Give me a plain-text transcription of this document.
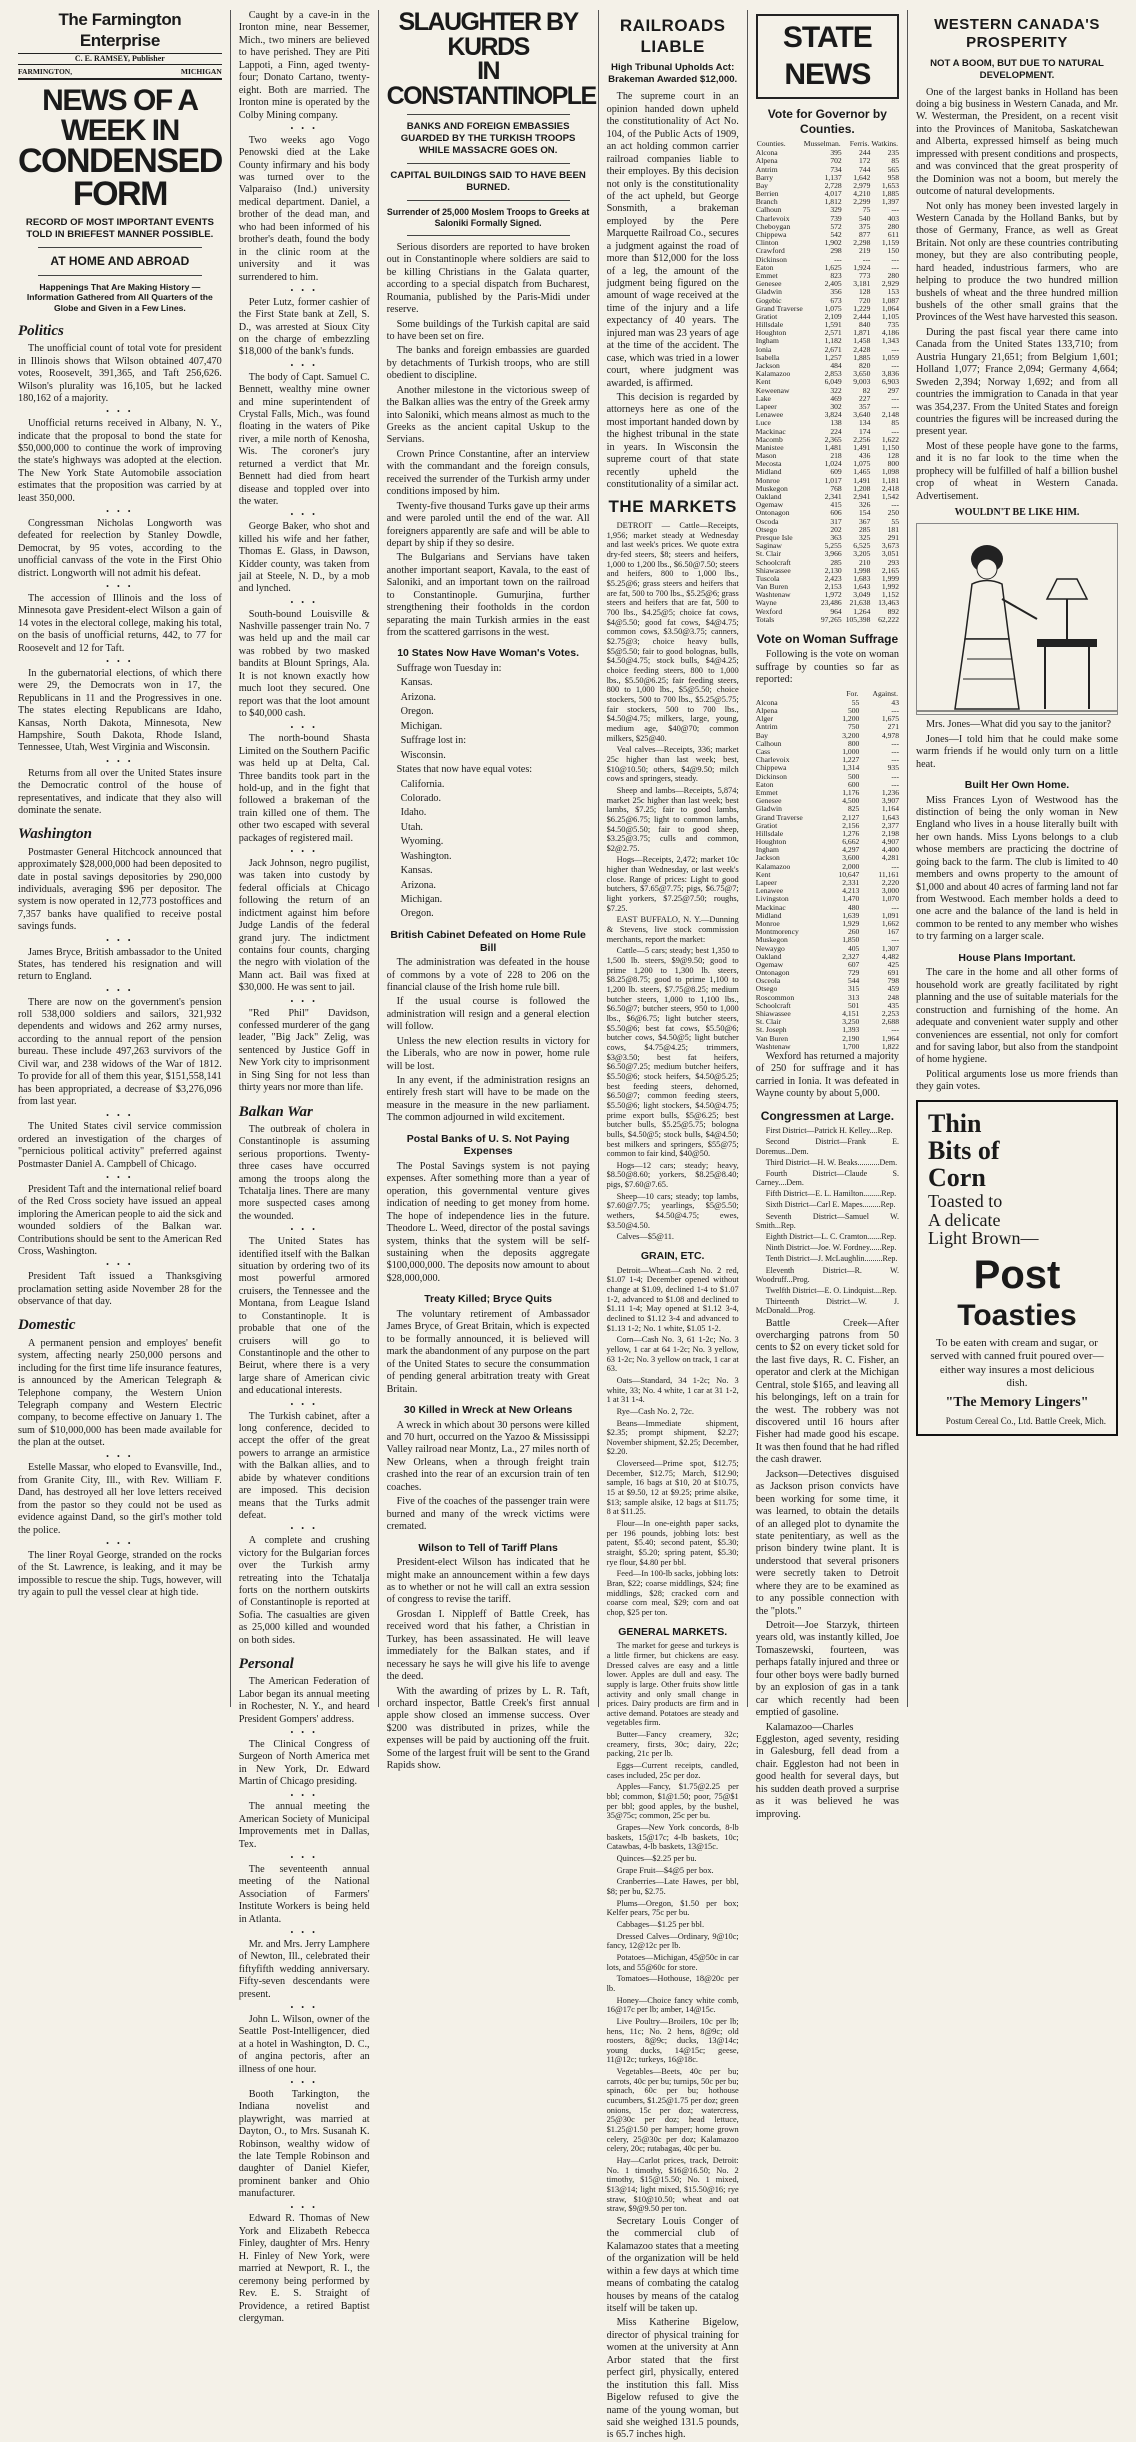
The Farmington Enterprise
C. E. RAMSEY, Publisher
FARMINGTON,	MICHIGAN
NEWS OF A WEEK IN
CONDENSED FORM
RECORD OF MOST IMPORTANT EVENTS TOLD IN BRIEFEST MANNER POSSIBLE.
AT HOME AND ABROAD
Happenings That Are Making History —Information Gathered from All Quarters of the Globe and Given in a Few Lines.
Politics

The unofficial count of total vote for president in Illinois shows that Wilson obtained 407,470 votes, Roosevelt, 391,365, and Taft 256,626. Wilson's plurality was 16,105, but he lacked 180,162 of a majority.

• • •

Unofficial returns received in Albany, N. Y., indicate that the proposal to bond the state for $50,000,000 to continue the work of improving the state's highways was adopted at the election. The New York State Automobile association estimates that the proposition was carried by at least 350,000.

• • •

Congressman Nicholas Longworth was defeated for reelection by Stanley Dowdle, Democrat, by 95 votes, according to the unofficial canvass of the vote in the First Ohio district. Longworth will not admit his defeat.

• • •

The accession of Illinois and the loss of Minnesota gave President-elect Wilson a gain of 14 votes in the electoral college, making his total, on the basis of unofficial returns, 442, to 77 for Roosevelt and 12 for Taft.

• • •

In the gubernatorial elections, of which there were 29, the Democrats won in 17, the Republicans in 11 and the Progressives in one. The states electing Republicans are Idaho, Kansas, North Dakota, Minnesota, New Hampshire, South Dakota, Rhode Island, Tennessee, Utah, West Virginia and Wisconsin.

• • •

Returns from all over the United States insure the Democratic control of the house of representatives, and indicate that they also will dominate the senate.

Washington

Postmaster General Hitchcock announced that approximately $28,000,000 had been deposited to date in postal savings depositories by 290,000 individuals, averaging $96 per depositor. The system is now operated in 12,773 postoffices and 7,357 banks have qualified to receive postal savings funds.

• • •

James Bryce, British ambassador to the United States, has tendered his resignation and will return to England.

• • •

There are now on the government's pension roll 538,000 soldiers and sailors, 321,932 dependents and widows and 262 army nurses, according to the annual report of the pension bureau. These include 497,263 survivors of the Civil war, and 238 widows of the War of 1812. To provide for all of them this year, $151,558,141 has been appropriated, a decrease of $3,276,096 from last year.

• • •

The United States civil service commission ordered an investigation of the charges of "pernicious political activity" preferred against Postmaster Daniel A. Campbell of Chicago.

• • •

President Taft and the international relief board of the Red Cross society have issued an appeal imploring the American people to aid the sick and wounded soldiers of the Balkan war. Contributions should be sent to the American Red Cross, Washington.

• • •

President Taft issued a Thanksgiving proclamation setting aside November 28 for the observance of that day.

Domestic

A permanent pension and employes' benefit system, affecting nearly 250,000 persons and including for the first time life insurance features, is announced by the American Telegraph & Telephone company, the Western Union Telegraph company and Western Electric company, to become effective on January 1. The sum of $10,000,000 has been made available for the plan at the outset.

• • •

Estelle Massar, who eloped to Evansville, Ind., from Granite City, Ill., with Rev. William F. Dand, has destroyed all her love letters received from the pastor so they could not be used as evidence against Dand, so the girl's mother told the police.

• • •

The liner Royal George, stranded on the rocks of the St. Lawrence, is leaking, and it may be impossible to rescue the ship. Tugs, however, will try again to pull the vessel clear at high tide.

Caught by a cave-in in the Ironton mine, near Bessemer, Mich., two miners are believed to have perished. They are Piti Lappoti, a Finn, aged twenty-four; Donato Cartano, twenty-eight. Both are married. The Ironton mine is operated by the Colby Mining company.

• • •

Two weeks ago Vogo Penowski died at the Lake County infirmary and his body was turned over to the Valparaiso (Ind.) university medical department. Daniel, a brother of the dead man, and who had been informed of his brother's death, found the body in the clinic room at the university and it was surrendered to him.

• • •

Peter Lutz, former cashier of the First State bank at Zell, S. D., was arrested at Sioux City on the charge of embezzling $18,000 of the bank's funds.

• • •

The body of Capt. Samuel C. Bennett, wealthy mine owner and mine superintendent of Crystal Falls, Mich., was found floating in the waters of Pike river, a mile north of Kenosha, Wis. The coroner's jury returned a verdict that Mr. Bennett had died from heart disease and toppled over into the water.

• • •

George Baker, who shot and killed his wife and her father, Thomas E. Glass, in Dawson, Kidder county, was taken from jail at Steele, N. D., by a mob and lynched.

• • •

South-bound Louisville & Nashville passenger train No. 7 was held up and the mail car was robbed by two masked bandits at Blount Springs, Ala. It is not known exactly how much loot they secured. One report was that the loot amount to $40,000 cash.

• • •

The north-bound Shasta Limited on the Southern Pacific was held up at Delta, Cal. Three bandits took part in the hold-up, and in the fight that followed a brakeman of the train killed one of them. The other two escaped with several packages of registered mail.

• • •

Jack Johnson, negro pugilist, was taken into custody by federal officials at Chicago following the return of an indictment against him before Judge Landis of the federal grand jury. The indictment contains four counts, charging the negro with violation of the Mann act. Bail was fixed at $30,000. He was sent to jail.

• • •

"Red Phil" Davidson, confessed murderer of the gang leader, "Big Jack" Zelig, was sentenced by Justice Goff in New York city to imprisonment in Sing Sing for not less than thirty years nor more than life.

Balkan War

The outbreak of cholera in Constantinople is assuming serious proportions. Twenty-three cases have occurred among the troops along the Tchatalja lines. There are many more suspected cases among the wounded.

• • •

The United States has identified itself with the Balkan situation by ordering two of its most powerful armored cruisers, the Tennessee and the Montana, from League Island to Constantinople. It is probable that one of the cruisers will go to Constantinople and the other to Beirut, where there is a very large share of American civic and educational interests.

• • •

The Turkish cabinet, after a long conference, decided to accept the offer of the great powers to arrange an armistice with the Balkan allies, and to abide by whatever conditions are imposed. This decision means that the Turks admit defeat.

• • •

A complete and crushing victory for the Bulgarian forces over the Turkish army retreating into the Tchatalja forts on the northern outskirts of Constantinople is reported at Sofia. The casualties are given as 25,000 killed and wounded on both sides.

Personal

The American Federation of Labor began its annual meeting in Rochester, N. Y., and heard President Gompers' address.

• • •

The Clinical Congress of Surgeon of North America met in New York, Dr. Edward Martin of Chicago presiding.

• • •

The annual meeting the American Society of Municipal Improvements met in Dallas, Tex.

• • •

The seventeenth annual meeting of the National Association of Farmers' Institute Workers is being held in Atlanta.

• • •

Mr. and Mrs. Jerry Lamphere of Newton, Ill., celebrated their fiftyfifth wedding anniversary. Fifty-seven descendants were present.

• • •

John L. Wilson, owner of the Seattle Post-Intelligencer, died at a hotel in Washington, D. C., of angina pectoris, after an illness of one hour.

• • •

Booth Tarkington, the Indiana novelist and playwright, was married at Dayton, O., to Mrs. Susanah K. Robinson, wealthy widow of the late Temple Robinson and daughter of Daniel Kiefer, prominent banker and Ohio manufacturer.

• • •

Edward R. Thomas of New York and Elizabeth Rebecca Finley, daughter of Mrs. Henry H. Finley of New York, were married at Newport, R. I., the ceremony being performed by Rev. E. S. Straight of Providence, a retired Baptist clergyman.

SLAUGHTER BY KURDS
IN CONSTANTINOPLE
BANKS AND FOREIGN EMBASSIES GUARDED BY THE TURKISH TROOPS WHILE MASSACRE GOES ON.
CAPITAL BUILDINGS SAID TO HAVE BEEN BURNED.
Surrender of 25,000 Moslem Troops to Greeks at Saloniki Formally Signed.

Serious disorders are reported to have broken out in Constantinople where soldiers are said to be killing Christians in the Galata quarter, according to a special dispatch from Bucharest, Roumania, published by the Paris-Midi under reserve.

Some buildings of the Turkish capital are said to have been set on fire.

The banks and foreign embassies are guarded by detachments of Turkish troops, who are still obedient to discipline.

Another milestone in the victorious sweep of the Balkan allies was the entry of the Greek army into Saloniki, which means almost as much to the Greeks as the ancient capital Uskup to the Servians.

Crown Prince Constantine, after an interview with the commandant and the foreign consuls, received the surrender of the Turkish army under conditions imposed by him.

Twenty-five thousand Turks gave up their arms and were paroled until the end of the war. All foreigners apparently are safe and will be able to depart by ship if they so desire.

The Bulgarians and Servians have taken another important seaport, Kavala, to the east of Saloniki, and an important town on the railroad to Constantinople. Gumurjina, further strengthening their footholds in the cordon separating the main Turkish armies in the east from the scattered garrisons in the west.

10 States Now Have Woman's Votes.

Suffrage won Tuesday in:

Kansas.

Arizona.

Oregon.

Michigan.

Suffrage lost in:

Wisconsin.

States that now have equal votes:

California.

Colorado.

Idaho.

Utah.

Wyoming.

Washington.

Kansas.

Arizona.

Michigan.

Oregon.

British Cabinet Defeated on Home Rule Bill

The administration was defeated in the house of commons by a vote of 228 to 206 on the financial clause of the Irish home rule bill.

If the usual course is followed the administration will resign and a general election will follow.

Unless the new election results in victory for the Liberals, who are now in power, home rule will be lost.

In any event, if the administration resigns an entirely fresh start will have to be made on the measure in the measure in the new parliament. The common adjourned in wild excitement.

Postal Banks of U. S. Not Paying Expenses

The Postal Savings system is not paying expenses. After something more than a year of operation, this governmental venture gives indication of needing to get money from home. The hope of independence lies in the future. Theodore L. Weed, director of the postal savings system, thinks that the system will be self-sustaining when the deposits aggregate $100,000,000. The deposits now amount to about $28,000,000.

Treaty Killed; Bryce Quits

The voluntary retirement of Ambassador James Bryce, of Great Britain, which is expected to be formally announced, it is believed will mark the abandonment of any purpose on the part of the United States to secure the consummation of pending general arbitration treaty with Great Britain.

30 Killed in Wreck at New Orleans

A wreck in which about 30 persons were killed and 70 hurt, occurred on the Yazoo & Mississippi Valley railroad near Montz, La., 27 miles north of New Orleans, when a through freight train crashed into the rear of an excursion train of ten coaches.

Five of the coaches of the passenger train were burned and many of the wreck victims were cremated.

Wilson to Tell of Tariff Plans

President-elect Wilson has indicated that he might make an announcement within a few days as to whether or not he will call an extra session of congress to revise the tariff.

Grosdan I. Nippleff of Battle Creek, has received word that his father, a Christian in Turkey, has been assassinated. He will leave immediately for the Balkan states, and if necessary he says he will give his life to avenge the deed.

With the awarding of prizes by L. R. Taft, orchard inspector, Battle Creek's first annual apple show closed an immense success. Over $200 was distributed in prizes, while the expenses will be paid by auctioning off the fruit. Some of the largest fruit will be sent to the Grand Rapids show.

RAILROADS LIABLE
High Tribunal Upholds Act: Brakeman Awarded $12,000.

The supreme court in an opinion handed down upheld the constitutionality of Act No. 104, of the Public Acts of 1909, an act holding common carrier railroad companies liable to their employes. By this decision not only is the constitutionality of the act upheld, but George Sonsmith, a brakeman employed by the Pere Marquette Railroad Co., secures a judgment against the road of more than $12,000 for the loss of a leg, the amount of the judgment being figured on the amount of wage received at the time of the injury and a life expectancy of 40 years. The injured man was 23 years of age at the time of the accident. The case, which was tried in a lower court, where judgment was awarded, is affirmed.

This decision is regarded by attorneys here as one of the most important handed down by the highest tribunal in the state in years. In Wisconsin the supreme court of that state recently upheld the constitutionality of a similar act.

THE MARKETS

DETROIT — Cattle—Receipts, 1,956; market steady at Wednesday and last week's prices. We quote extra dry-fed steers, $8; steers and heifers, 1,000 to 1,200 lbs., $6.50@7.50; steers and heifers, 800 to 1,000 lbs., $5.25@6; grass steers and heifers that are fat, 500 to 700 lbs., $5.25@6; grass steers and heifers that are fat, 500 to 700 lbs., $4.25@5; choice fat cows, $4@5.50; good fat cows, $4@4.75; common cows, $3.50@3.75; canners, $2.75@3; choice heavy bulls, $5@5.50; fair to good bolognas, bulls, $4.50@4.75; stock bulls, $4@4.25; choice feeding steers, 800 to 1,000 lbs., $5.50@6.25; fair feeding steers, 800 to 1,000 lbs., $5@5.50; choice stockers, 500 to 700 lbs., $5.25@5.75; fair stockers, 500 to 700 lbs., $4.50@4.75; milkers, large, young, medium age, $40@70; common milkers, $25@40.

Veal calves—Receipts, 336; market 25c higher than last week; best, $10@10.50; others, $4@9.50; milch cows and springers, steady.

Sheep and lambs—Receipts, 5,874; market 25c higher than last week; best lambs, $7.25; fair to good lambs, $6.25@6.75; light to common lambs, $4.50@5.50; fair to good sheep, $3.25@3.75; culls and common, $2@2.75.

Hogs—Receipts, 2,472; market 10c higher than Wednesday, or last week's close. Range of prices: Light to good butchers, $7.65@7.75; pigs, $6.75@7; light yorkers, $7.25@7.50; roughs, $7.25.

EAST BUFFALO, N. Y.—Dunning & Stevens, live stock commission merchants, report the market:

Cattle—5 cars; steady; best 1,350 to 1,500 lb. steers, $9@9.50; good to prime 1,200 to 1,300 lb. steers, $8.25@8.75; good to prime 1,100 to 1,200 lb. steers, $7.75@8.25; medium butcher steers, 1,000 to 1,100 lbs., $6.50@7; butcher steers, 950 to 1,000 lbs., $6@6.75; light butcher steers, $5.50@6; best fat cows, $5.50@6; butcher cows, $4.50@5; light butcher cows, $4.75@4.25; trimmers, $3@3.50; best fat heifers, $6.50@7.25; medium butcher heifers, $5.50@6; stock heifers, $4.50@5.25; best feeding steers, dehorned, $6.50@7; common feeding steers, $5.50@6; light stockers, $4.50@4.75; prime export bulls, $5@6.25; best butcher bulls, $5.25@5.75; bologna bulls, $4.50@5; stock bulls, $4@4.50; best milkers and springers, $55@75; common to fair kind, $40@50.

Hogs—12 cars; steady; heavy, $8.50@8.60; yorkers, $8.25@8.40; pigs, $7.60@7.65.

Sheep—10 cars; steady; top lambs, $7.60@7.75; yearlings, $5@5.50; wethers, $4.50@4.75; ewes, $3.50@4.50.

Calves—$5@11.

GRAIN, ETC.

Detroit—Wheat—Cash No. 2 red, $1.07 1-4; December opened without change at $1.09, declined 1-4 to $1.07 1-2, advanced to $1.08 and declined to $1.11 1-4; May opened at $1.12 3-4, declined to $1.12 3-4 and advanced to $1.13 1-2; No. 1 white, $1.05 1-2.

Corn—Cash No. 3, 61 1-2c; No. 3 yellow, 1 car at 64 1-2c; No. 3 yellow, 63 1-2c; No. 3 yellow on track, 1 car at 63.

Oats—Standard, 34 1-2c; No. 3 white, 33; No. 4 white, 1 car at 31 1-2, 1 at 31 1-4.

Rye—Cash No. 2, 72c.

Beans—Immediate shipment, $2.35; prompt shipment, $2.27; November shipment, $2.25; December, $2.20.

Cloverseed—Prime spot, $12.75; December, $12.75; March, $12.90; sample, 16 bags at $10, 20 at $10.75, 15 at $9.50, 12 at $9.25; prime alsike, $13; sample alsike, 12 bags at $11.75; 8 at $11.25.

Flour—In one-eighth paper sacks, per 196 pounds, jobbing lots: best patent, $5.40; second patent, $5.30; straight, $5.20; spring patent, $5.30; rye flour, $4.80 per bbl.

Feed—In 100-lb sacks, jobbing lots: Bran, $22; coarse middlings, $24; fine middlings, $28; cracked corn and coarse corn meal, $29; corn and oat chop, $25 per ton.

GENERAL MARKETS.

The market for geese and turkeys is a little firmer, but chickens are easy. Dressed calves are easy and a little lower. Apples are dull and easy. The supply is large. Other fruits show little activity and only small change in prices. Dairy products are firm and in active demand. Potatoes are steady and vegetables firm.

Butter—Fancy creamery, 32c; creamery, firsts, 30c; dairy, 22c; packing, 21c per lb.

Eggs—Current receipts, candled, cases included, 25c per doz.

Apples—Fancy, $1.75@2.25 per bbl; common, $1@1.50; poor, 75@$1 per bbl; good apples, by the bushel, 35@75c; common, 25c per bu.

Grapes—New York concords, 8-lb baskets, 15@17c; 4-lb baskets, 10c; Catawbas, 4-lb baskets, 13@15c.

Quinces—$2.25 per bu.

Grape Fruit—$4@5 per box.

Cranberries—Late Hawes, per bbl, $8; per bu, $2.75.

Plums—Oregon, $1.50 per box; Kelfer pears, 75c per bu.

Cabbages—$1.25 per bbl.

Dressed Calves—Ordinary, 9@10c; fancy, 12@12c per lb.

Potatoes—Michigan, 45@50c in car lots, and 55@60c for store.

Tomatoes—Hothouse, 18@20c per lb.

Honey—Choice fancy white comb, 16@17c per lb; amber, 14@15c.

Live Poultry—Broilers, 10c per lb; hens, 11c; No. 2 hens, 8@9c; old roosters, 8@9c; ducks, 13@14c; young ducks, 14@15c; geese, 11@12c; turkeys, 16@18c.

Vegetables—Beets, 40c per bu; carrots, 40c per bu; turnips, 50c per bu; spinach, 60c per bu; hothouse cucumbers, $1.25@1.75 per doz; green onions, 15c per doz; watercress, 25@30c per doz; head lettuce, $1.25@1.50 per hamper; home grown celery, 25@30c per doz; Kalamazoo celery, 20c; rutabagas, 40c per bu.

Hay—Carlot prices, track, Detroit: No. 1 timothy, $16@16.50; No. 2 timothy, $15@15.50; No. 1 mixed, $13@14; light mixed, $15.50@16; rye straw, $10@10.50; wheat and oat straw, $9@9.50 per ton.

Secretary Louis Conger of the commercial club of Kalamazoo states that a meeting of the organization will be held within a few days at which time means of combating the catalog houses by means of the catalog itself will be taken up.

Miss Katherine Bigelow, director of physical training for women at the university at Ann Arbor stated that the first perfect girl, physically, entered the institution this fall. Miss Bigelow refused to give the name of the young woman, but said she weighed 131.5 pounds, is 65.7 inches high.

STATE NEWS
Vote for Governor by Counties.
Counties.	Musselman.	Ferris.	Watkins.
Alcona	395	244	235
Alpena	702	172	85
Antrim	734	744	565
Barry	1,137	1,642	958
Bay	2,728	2,979	1,653
Berrien	4,017	4,210	1,885
Branch	1,812	2,299	1,397
Calhoun	329	75	---
Charlevoix	739	540	403
Cheboygan	572	375	280
Chippewa	542	877	611
Clinton	1,902	2,298	1,159
Crawford	298	219	150
Dickinson	---	---	---
Eaton	1,625	1,924	---
Emmet	823	773	280
Genesee	2,405	3,181	2,929
Gladwin	356	128	153
Gogebic	673	720	1,087
Grand Traverse	1,075	1,229	1,064
Gratiot	2,109	2,444	1,105
Hillsdale	1,591	840	735
Houghton	2,571	1,871	4,186
Ingham	1,182	1,458	1,343
Ionia	2,671	2,428	---
Isabella	1,257	1,885	1,059
Jackson	484	820	---
Kalamazoo	2,853	3,650	3,836
Kent	6,049	9,003	6,903
Keweenaw	322	82	297
Lake	469	227	---
Lapeer	302	357	---
Lenawee	3,824	3,640	2,148
Luce	138	134	85
Mackinac	224	174	---
Macomb	2,365	2,256	1,622
Manistee	1,481	1,491	1,150
Mason	218	436	128
Mecosta	1,024	1,075	800
Midland	609	1,465	1,098
Monroe	1,017	1,491	1,181
Muskegon	768	1,208	2,418
Oakland	2,341	2,941	1,542
Ogemaw	415	326	---
Ontonagon	606	154	250
Oscoda	317	367	55
Otsego	202	285	181
Presque Isle	363	325	291
Saginaw	5,255	6,525	3,673
St. Clair	3,966	3,205	3,051
Schoolcraft	285	210	293
Shiawassee	2,130	1,998	2,165
Tuscola	2,423	1,683	1,999
Van Buren	2,153	1,643	1,992
Washtenaw	1,972	3,049	1,152
Wayne	23,486	21,638	13,463
Wexford	964	1,264	892
Totals	97,265	105,398	62,222
Vote on Woman Suffrage

Following is the vote on woman suffrage by counties so far as reported:

	For.	Against.
Alcona	55	43
Alpena	500	---
Alger	1,200	1,675
Antrim	750	271
Bay	3,200	4,978
Calhoun	800	---
Cass	1,000	---
Charlevoix	1,227	---
Chippewa	1,314	935
Dickinson	500	---
Eaton	600	---
Emmet	1,176	1,236
Genesee	4,500	3,907
Gladwin	825	1,164
Grand Traverse	2,127	1,643
Gratiot	2,156	2,377
Hillsdale	1,276	2,198
Houghton	6,662	4,907
Ingham	4,297	4,400
Jackson	3,600	4,281
Kalamazoo	2,000	---
Kent	10,647	11,161
Lapeer	2,331	2,220
Lenawee	4,213	3,000
Livingston	1,470	1,070
Mackinac	480	---
Midland	1,639	1,091
Monroe	1,929	1,662
Montmorency	260	167
Muskegon	1,850	---
Newaygo	405	1,307
Oakland	2,327	4,482
Ogemaw	607	425
Ontonagon	729	691
Osceola	544	798
Otsego	315	459
Roscommon	313	248
Schoolcraft	501	435
Shiawassee	4,151	2,253
St. Clair	3,250	2,688
St. Joseph	1,393	---
Van Buren	2,190	1,964
Washtenaw	1,700	1,822

Wexford has returned a majority of 250 for suffrage and it has carried in Ionia. It was defeated in Wayne county by about 5,000.

Congressmen at Large.

First District—Patrick H. Kelley....Rep.

Second District—Frank E. Doremus...Dem.

Third District—H. W. Beaks...........Dem.

Fourth District—Claude S. Carney....Dem.

Fifth District—E. L. Hamilton.........Rep.

Sixth District—Carl E. Mapes.........Rep.

Seventh District—Samuel W. Smith...Rep.

Eighth District—L. C. Cramton.......Rep.

Ninth District—Joe. W. Fordney......Rep.

Tenth District—J. McLaughlin.........Rep.

Eleventh District—R. W. Woodruff...Prog.

Twelfth District—E. O. Lindquist....Rep.

Thirteenth District—W. J. McDonald....Prog.

Battle Creek—After overcharging patrons from 50 cents to $2 on every ticket sold for the last five days, R. C. Fisher, an operator and clerk at the Michigan Central, stole $165, and leaving all his belongings, left on a train for the west. The robbery was not discovered until 16 hours after Fisher had made good his escape. It was then found that he had rifled the cash drawer.

Jackson—Detectives disguised as Jackson prison convicts have been working for some time, it was learned, to obtain the details of an alleged plot to dynamite the state penitentiary, as well as the prison bindery twine plant. It is understood that several prisoners were secretly taken to Detroit where they are to be examined as to any possible connection with the "plots."

Detroit—Joe Starzyk, thirteen years old, was instantly killed, Joe Tomaszewski, fourteen, was perhaps fatally injured and three or four other boys were badly burned by an explosion of gas in a tank car which recently had been emptied of gasoline.

Kalamazoo—Charles Eggleston, aged seventy, residing in Galesburg, fell dead from a chair. Eggleston had not been in good health for several days, but his sudden death proved a surprise as it was believed he was improving.

WESTERN CANADA'S PROSPERITY
NOT A BOOM, BUT DUE TO NATURAL DEVELOPMENT.

One of the largest banks in Holland has been doing a big business in Western Canada, and Mr. W. Westerman, the President, on a recent visit into the Provinces of Manitoba, Saskatchewan and Alberta, expressed himself as being much impressed with present conditions and prospects, and was convinced that the great prosperity of the Dominion was not a boom, but merely the outcome of natural developments.

Not only has money been invested largely in Western Canada by the Holland Banks, but by those of Germany, France, as well as Great Britain. Not only are these countries contributing money, but they are also contributing people, hard headed, industrious farmers, who are helping to produce the two hundred million bushels of wheat and the three hundred million bushels of the other small grains that the Provinces of the West have harvested this season.

During the past fiscal year there came into Canada from the United States 133,710; from Austria Hungary 21,651; from Belgium 1,601; Holland 1,077; France 2,094; Germany 4,664; Sweden 2,394; Norway 1,692; and from all countries the immigration to Canada in that year was 354,237. From the United States and foreign countries the figures will be increased during the present year.

Most of these people have gone to the farms, and it is no far look to the time when the prophecy will be fulfilled of half a billion bushel crop of wheat in Western Canada. Advertisement.

WOULDN'T BE LIKE HIM.

Mrs. Jones—What did you say to the janitor?

Jones—I told him that he could make some warm friends if he would only turn on a little heat.

Built Her Own Home.

Miss Frances Lyon of Westwood has the distinction of being the only woman in New England who lives in a house literally built with her own hands. Miss Lyons belongs to a club whose members are practicing the doctrine of going back to the farm. The club is limited to 40 members and owns property to the amount of $1,000 and about 40 acres of farming land not far from Westwood. Each member holds a deed to one acre and the balance of the land is held in common to be rented to any member who wishes to try farming on a larger scale.

House Plans Important.

The care in the home and all other forms of household work are greatly facilitated by right planning and the use of suitable materials for the construction and furnishing of the home. An adequate and convenient water supply and other conveniences are essential, not only for comfort and for saving labor, but also from the standpoint of home hygiene.

Political arguments lose us more friends than they gain votes.

Thin
Bits of
Corn
Toasted to
A delicate
Light Brown—
Post
Toasties
To be eaten with cream and sugar, or served with canned fruit poured over— either way insures a most delicious dish.
"The Memory Lingers"
Postum Cereal Co., Ltd. Battle Creek, Mich.
